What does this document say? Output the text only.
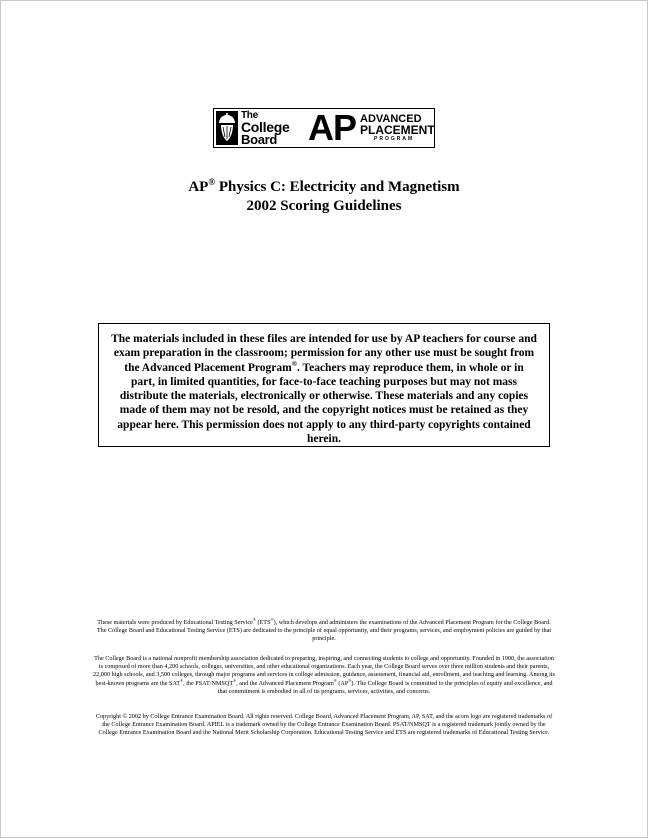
The
College
Board AP ADVANCED
PLACEMENT
PROGRAM
AP® Physics C: Electricity and Magnetism
2002 Scoring Guidelines
The materials included in these files are intended for use by AP teachers for course and exam preparation in the classroom; permission for any other use must be sought from the Advanced Placement Program®. Teachers may reproduce them, in whole or in part, in limited quantities, for face-to-face teaching purposes but may not mass distribute the materials, electronically or otherwise. These materials and any copies made of them may not be resold, and the copyright notices must be retained as they appear here. This permission does not apply to any third-party copyrights contained herein.
These materials were produced by Educational Testing Service® (ETS®), which develops and administers the examinations of the Advanced Placement Program for the College Board. The College Board and Educational Testing Service (ETS) are dedicated to the principle of equal opportunity, and their programs, services, and employment policies are guided by that principle.
The College Board is a national nonprofit membership association dedicated to preparing, inspiring, and connecting students to college and opportunity. Founded in 1900, the association is composed of more than 4,200 schools, colleges, universities, and other educational organizations. Each year, the College Board serves over three million students and their parents, 22,000 high schools, and 3,500 colleges, through major programs and services in college admission, guidance, assessment, financial aid, enrollment, and teaching and learning. Among its best-known programs are the SAT®, the PSAT/NMSQT®, and the Advanced Placement Program® (AP®). The College Board is committed to the principles of equity and excellence, and that commitment is embodied in all of its programs, services, activities, and concerns.
Copyright © 2002 by College Entrance Examination Board. All rights reserved. College Board, Advanced Placement Program, AP, SAT, and the acorn logo are registered trademarks of the College Entrance Examination Board. APIEL is a trademark owned by the College Entrance Examination Board. PSAT/NMSQT is a registered trademark jointly owned by the College Entrance Examination Board and the National Merit Scholarship Corporation. Educational Testing Service and ETS are registered trademarks of Educational Testing Service.
